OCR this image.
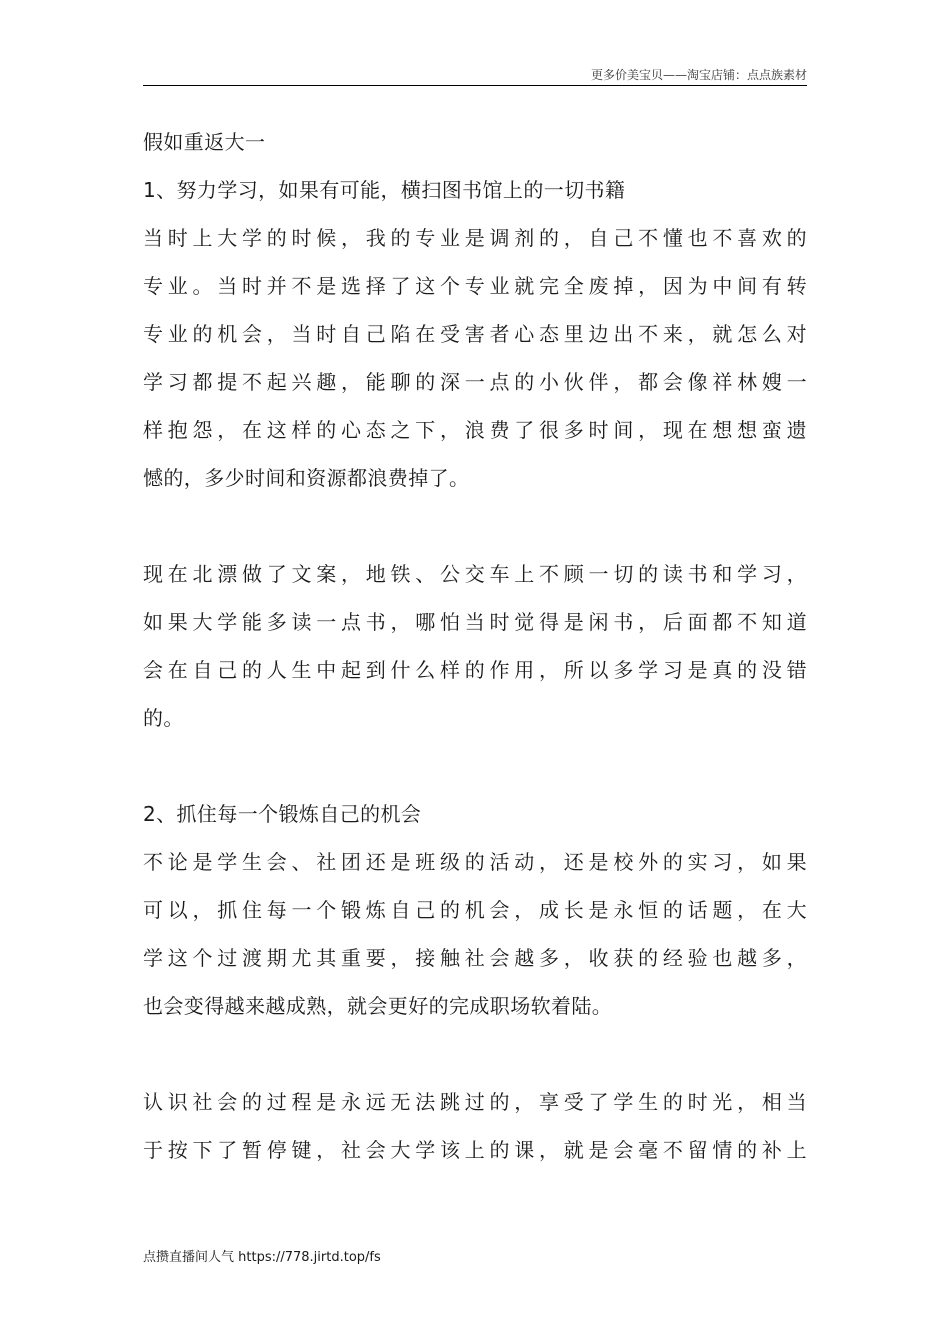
更多价美宝贝——淘宝店铺：点点族素材
假如重返大一
1、努力学习，如果有可能，横扫图书馆上的一切书籍
当时上大学的时候，我的专业是调剂的，自己不懂也不喜欢的
专业。当时并不是选择了这个专业就完全废掉，因为中间有转
专业的机会，当时自己陷在受害者心态里边出不来，就怎么对
学习都提不起兴趣，能聊的深一点的小伙伴，都会像祥林嫂一
样抱怨，在这样的心态之下，浪费了很多时间，现在想想蛮遗
憾的，多少时间和资源都浪费掉了。
现在北漂做了文案，地铁、公交车上不顾一切的读书和学习，
如果大学能多读一点书，哪怕当时觉得是闲书，后面都不知道
会在自己的人生中起到什么样的作用，所以多学习是真的没错
的。
2、抓住每一个锻炼自己的机会
不论是学生会、社团还是班级的活动，还是校外的实习，如果
可以，抓住每一个锻炼自己的机会，成长是永恒的话题，在大
学这个过渡期尤其重要，接触社会越多，收获的经验也越多，
也会变得越来越成熟，就会更好的完成职场软着陆。
认识社会的过程是永远无法跳过的，享受了学生的时光，相当
于按下了暂停键，社会大学该上的课，就是会毫不留情的补上
点攒直播间人气 https://778.jirtd.top/fs
